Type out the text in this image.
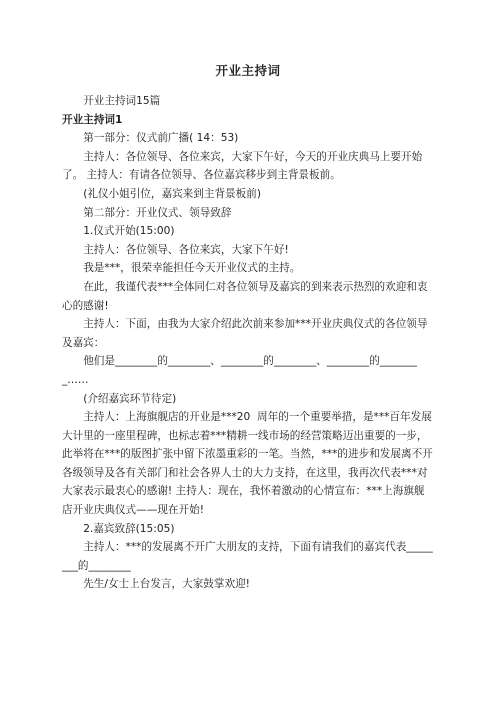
开业主持词

开业主持词15篇

开业主持词1

第一部分：仪式前广播( 14：53)

主持人：各位领导、各位来宾，大家下午好，今天的开业庆典马上要开始了。 主持人：有请各位领导、各位嘉宾移步到主背景板前。

(礼仪小姐引位，嘉宾来到主背景板前)

第二部分：开业仪式、领导致辞

1.仪式开始(15:00)

主持人：各位领导、各位来宾，大家下午好!

我是***，很荣幸能担任今天开业仪式的主持。

在此，我谨代表***全体同仁对各位领导及嘉宾的到来表示热烈的欢迎和衷心的感谢!

主持人：下面，由我为大家介绍此次前来参加***开业庆典仪式的各位领导及嘉宾：

他们是________的________、________的________、________的________……

(介绍嘉宾环节待定)

主持人：上海旗舰店的开业是***20  周年的一个重要举措，是***百年发展大计里的一座里程碑，也标志着***精耕一线市场的经营策略迈出重要的一步，此举将在***的版图扩张中留下浓墨重彩的一笔。当然，***的进步和发展离不开各级领导及各有关部门和社会各界人士的大力支持，在这里，我再次代表***对大家表示最衷心的感谢! 主持人：现在，我怀着激动的心情宣布：***上海旗舰店开业庆典仪式——现在开始!

2.嘉宾致辞(15:05)

主持人：***的发展离不开广大朋友的支持，下面有请我们的嘉宾代表________的________

先生/女士上台发言，大家鼓掌欢迎!
